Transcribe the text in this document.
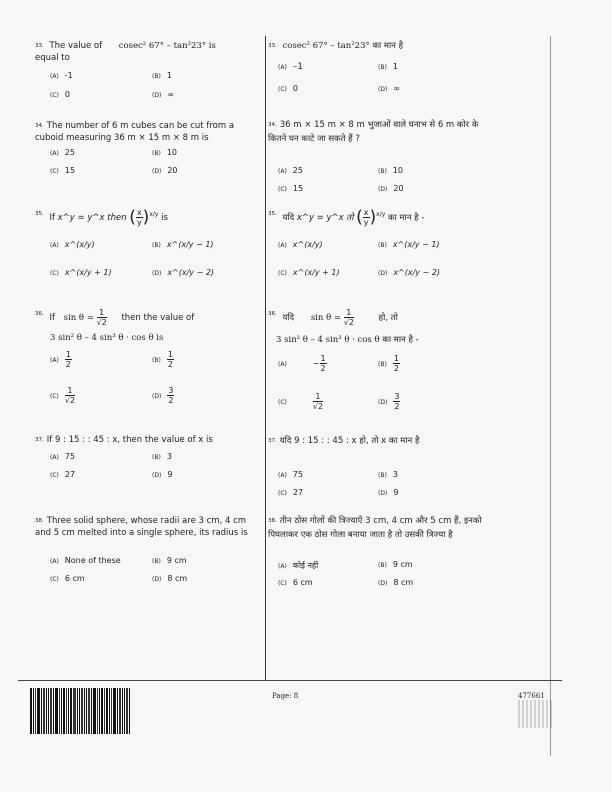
$^{33.}$ The value of cosec² 67° – tan²23° is
equal to
(A) -1	(B) 1
(C) 0	(D) ∞
$^{33.}$ cosec² 67° – tan²23° का मान है
(A) –1	(B) 1
(C) 0	(D) ∞
$^{34.}$ The number of 6 m cubes can be cut from a cuboid measuring 36 m × 15 m × 8 m is
(A) 25	(B) 10
(C) 15	(D) 20
$^{34.}$ 36 m × 15 m × 8 m भुजाओं वाले घनाभ से 6 m कोर के कितने घन काटे जा सकते हैं ?
(A) 25	(B) 10
(C) 15	(D) 20
$^{35.}$ If x^y = y^x then ( $\frac{x}{y} )^{x/y}$ is
(A) x^(x/y)	(B) x^(x/y − 1)
(C) x^(x/y + 1)	(D) x^(x/y − 2)
$^{35.}$ यदि x^y = y^x तो ( $\frac{x}{y} )^{x/y}$ का मान है -
(A) x^(x/y)	(B) x^(x/y − 1)
(C) x^(x/y + 1)	(D) x^(x/y − 2)
$^{36.}$ If $\sin \theta = \frac{1}{√2}$ then the value of
3 sin² θ – 4 sin³ θ · cos θ is
$(A) \frac{1}{2}$	$(B) \frac{1}{2}$
$(C) \frac{1}{√2}$	$(D) \frac{3}{2}$
$^{36.}$ यदि $\sin \theta = \frac{1}{√2}$	हो, तो
3 sin² θ – 4 sin³ θ · cos θ का मान है -
(A)	− $\frac{1}{2}$	$(B) \frac{1}{2}$
(C)	$\frac{1}{√2}$	$(D) \frac{3}{2}$
$^{37.}$ If 9 : 15 : : 45 : x, then the value of x is
(A) 75	(B) 3
(C) 27	(D) 9
$^{37.}$ यदि 9 : 15 : : 45 : x हो, तो x का मान है
(A) 75	(B) 3
(C) 27	(D) 9
$^{38.}$ Three solid sphere, whose radii are 3 cm, 4 cm and 5 cm melted into a single sphere, its radius is
(A) None of these	(B) 9 cm
(C) 6 cm	(D) 8 cm
$^{38.}$ तीन ठोस गोलों की त्रिज्याएँ 3 cm, 4 cm और 5 cm हैं, इनको पिघलाकर एक ठोस गोला बनाया जाता है तो उसकी त्रिज्या है
(A) कोई नहीं	(B) 9 cm
(C) 6 cm	(D) 8 cm
Page: 8	477661
